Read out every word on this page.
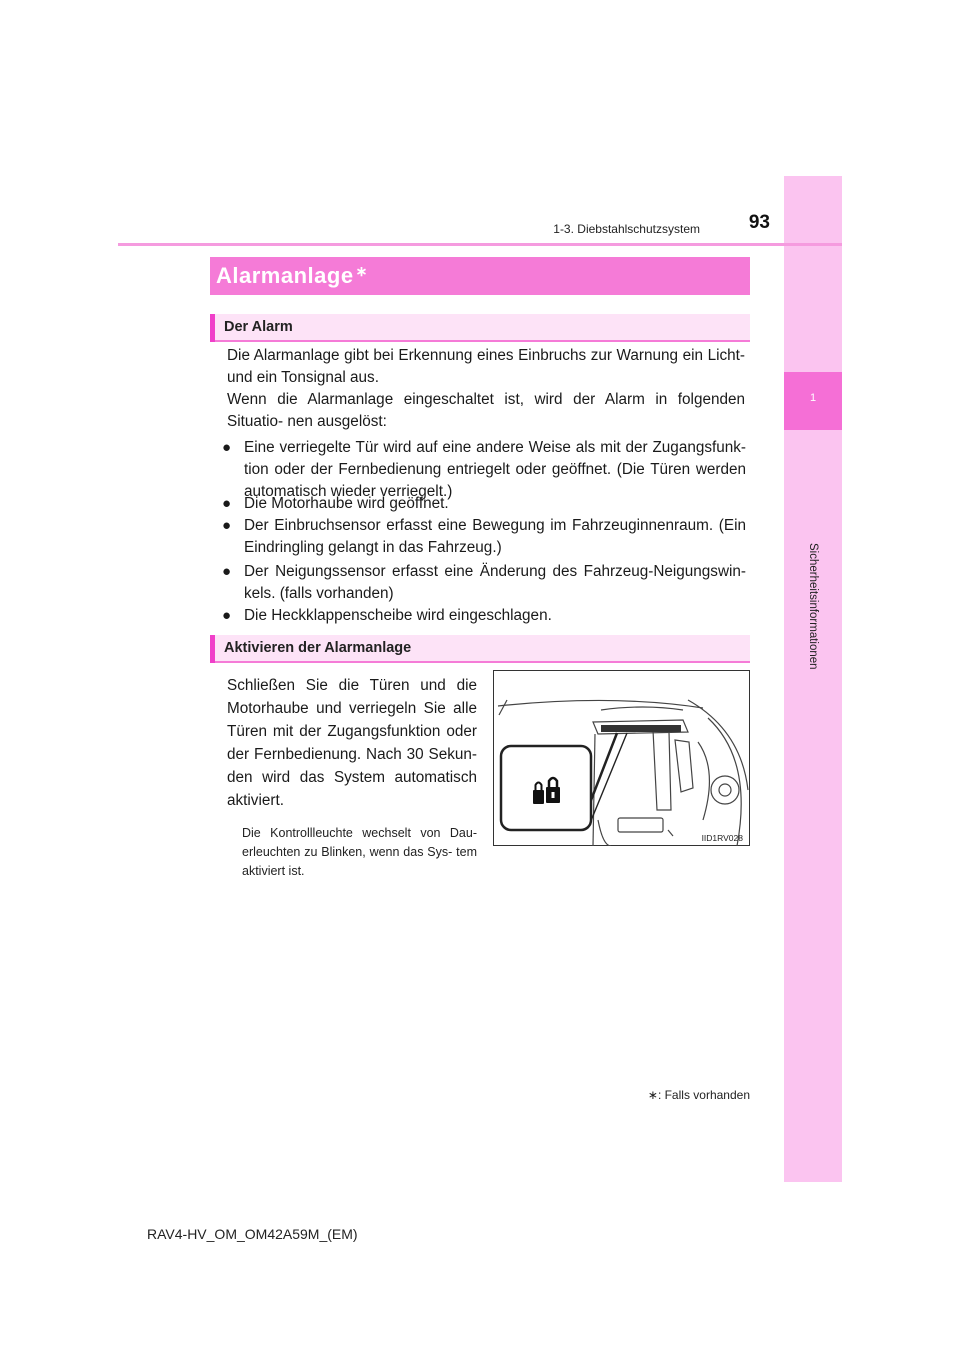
1
Sicherheitsinformationen
1-3. Diebstahlschutzsystem	93
Alarmanlage ∗
Der Alarm
Die Alarmanlage gibt bei Erkennung eines Einbruchs zur Warnung ein Licht- und ein Tonsignal aus.
Wenn die Alarmanlage eingeschaltet ist, wird der Alarm in folgenden Situatio- nen ausgelöst:
● Eine verriegelte Tür wird auf eine andere Weise als mit der Zugangsfunk- tion oder der Fernbedienung entriegelt oder geöffnet. (Die Türen werden automatisch wieder verriegelt.)
● Die Motorhaube wird geöffnet.
● Der Einbruchsensor erfasst eine Bewegung im Fahrzeuginnenraum. (Ein Eindringling gelangt in das Fahrzeug.)
● Der Neigungssensor erfasst eine Änderung des Fahrzeug-Neigungswin- kels. (falls vorhanden)
● Die Heckklappenscheibe wird eingeschlagen.
Aktivieren der Alarmanlage
Schließen Sie die Türen und die Motorhaube und verriegeln Sie alle Türen mit der Zugangsfunktion oder der Fernbedienung. Nach 30 Sekun- den wird das System automatisch aktiviert.
Die Kontrollleuchte wechselt von Dau- erleuchten zu Blinken, wenn das Sys- tem aktiviert ist.
IID1RV028
∗: Falls vorhanden
RAV4-HV_OM_OM42A59M_(EM)
